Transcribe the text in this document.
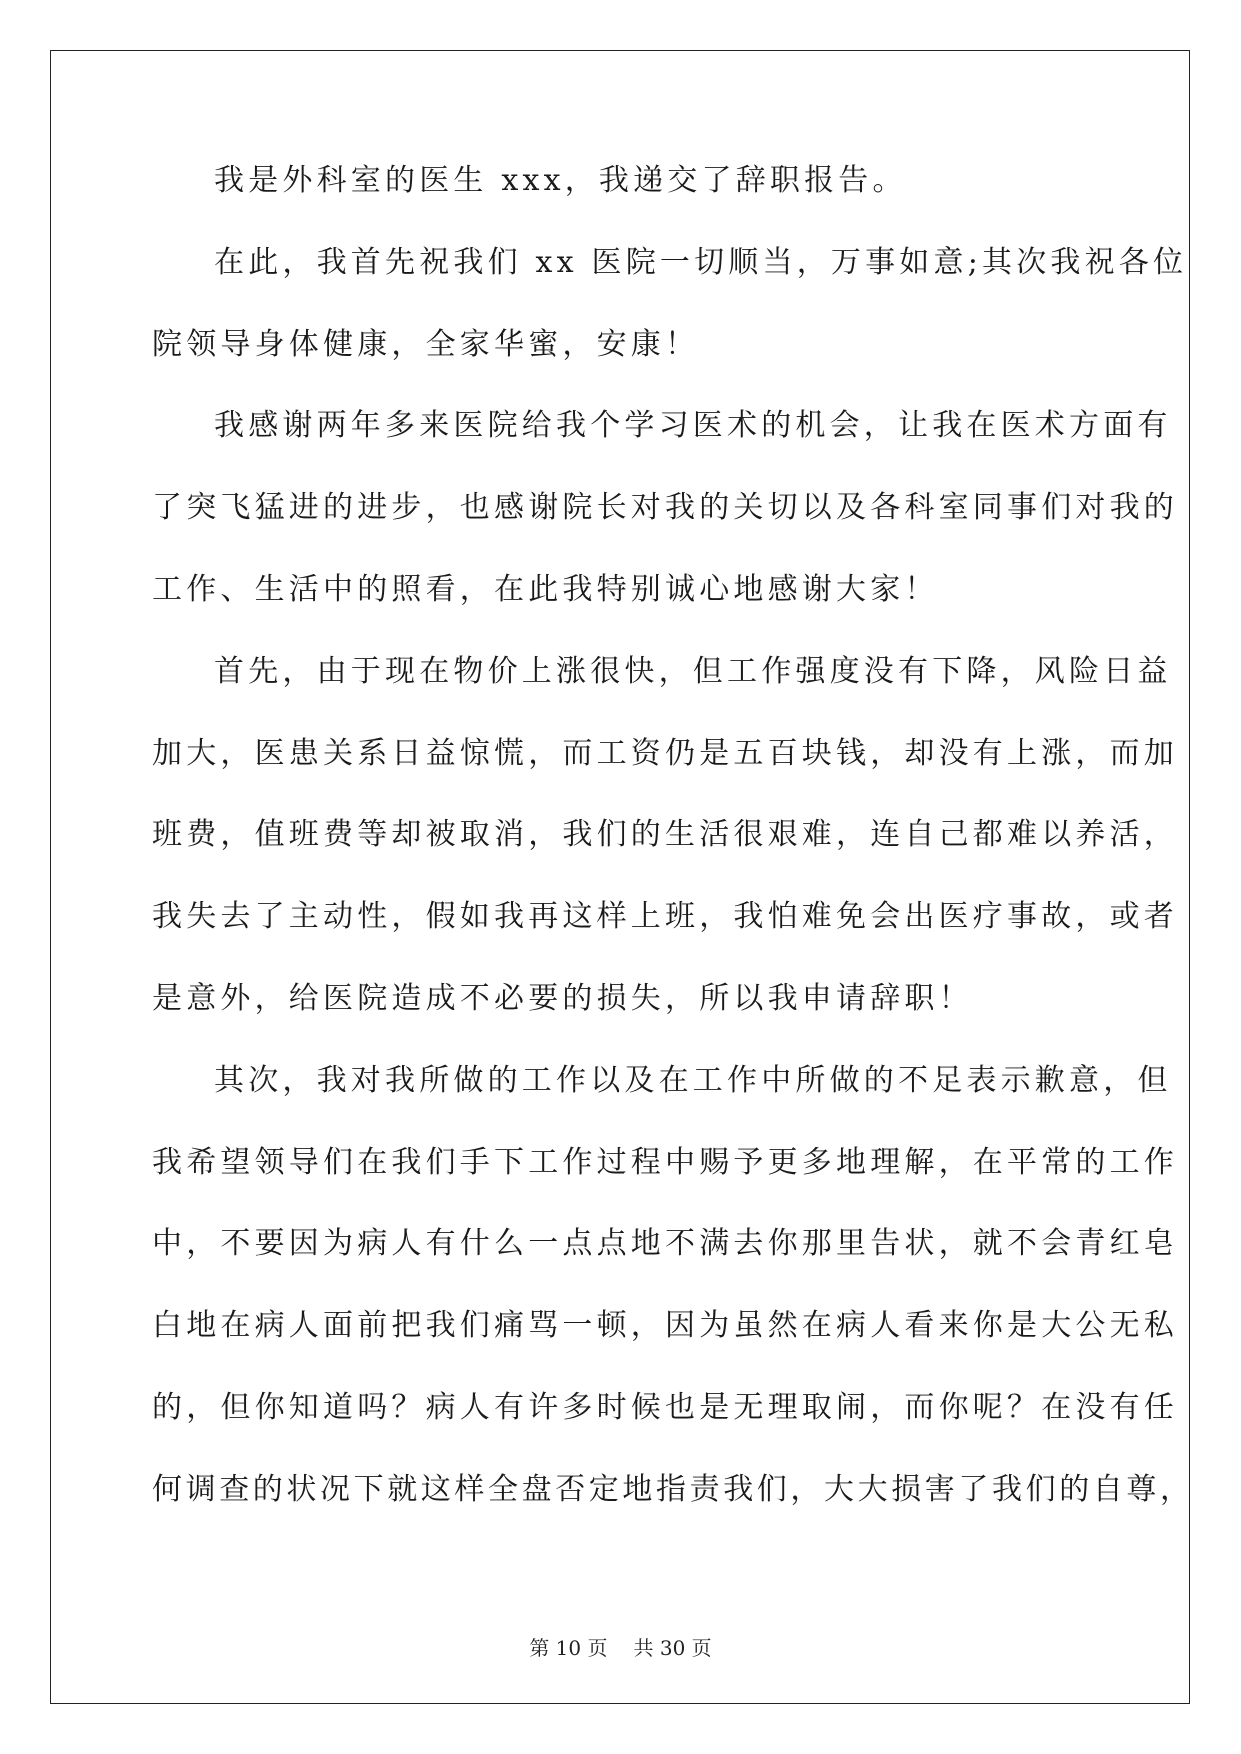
我是外科室的医生 xxx，我递交了辞职报告。
在此，我首先祝我们 xx 医院一切顺当，万事如意;其次我祝各位
院领导身体健康，全家华蜜，安康！
我感谢两年多来医院给我个学习医术的机会，让我在医术方面有
了突飞猛进的进步，也感谢院长对我的关切以及各科室同事们对我的
工作、生活中的照看，在此我特别诚心地感谢大家！
首先，由于现在物价上涨很快，但工作强度没有下降，风险日益
加大，医患关系日益惊慌，而工资仍是五百块钱，却没有上涨，而加
班费，值班费等却被取消，我们的生活很艰难，连自己都难以养活，
我失去了主动性，假如我再这样上班，我怕难免会出医疗事故，或者
是意外，给医院造成不必要的损失，所以我申请辞职！
其次，我对我所做的工作以及在工作中所做的不足表示歉意，但
我希望领导们在我们手下工作过程中赐予更多地理解，在平常的工作
中，不要因为病人有什么一点点地不满去你那里告状，就不会青红皂
白地在病人面前把我们痛骂一顿，因为虽然在病人看来你是大公无私
的，但你知道吗？病人有许多时候也是无理取闹，而你呢？在没有任
何调查的状况下就这样全盘否定地指责我们，大大损害了我们的自尊，
第 10 页 共 30 页
